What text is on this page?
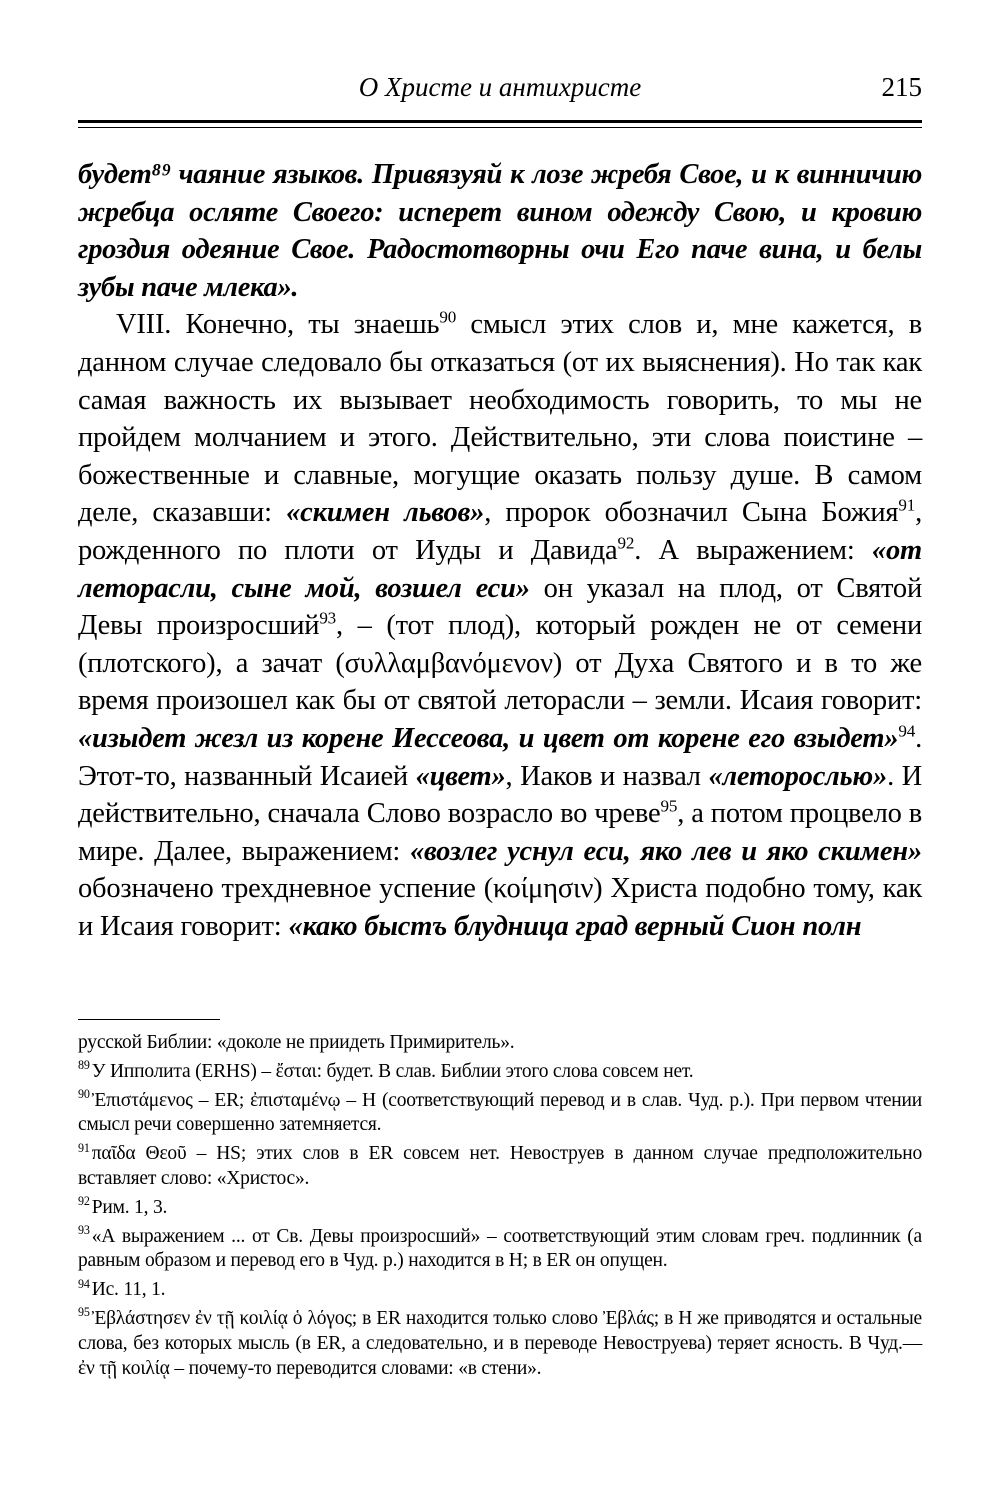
О Христе и антихристе	215

будет⁸⁹ чаяние языков. Привязуяй к лозе жребя Свое, и к винничию жребца осляте Своего: исперет вином одежду Свою, и кровию гроздия одеяние Свое. Радостотворны очи Его паче вина, и белы зубы паче млека».

VIII. Конечно, ты знаешь$^{90}$ смысл этих слов и, мне кажется, в данном случае следовало бы отказаться (от их выяснения). Но так как самая важность их вызывает необходимость говорить, то мы не пройдем молчанием и этого. Действительно, эти слова поистине – божественные и славные, могущие оказать пользу душе. В самом деле, сказавши: «скимен львов», пророк обозначил Сына Божия$^{91}$, рожденного по плоти от Иуды и Давида$^{92}$. А выражением: «от леторасли, сыне мой, возшел еси» он указал на плод, от Святой Девы произросший$^{93}$, – (тот плод), который рожден не от семени (плотского), а зачат (συλλαμβανόμενον) от Духа Святого и в то же время произошел как бы от святой леторасли – земли. Исаия говорит: «изыдет жезл из корене Иессеова, и цвет от корене его взыдет»$^{94}$. Этот-то, названный Исаией «цвет», Иаков и назвал «леторослью». И действительно, сначала Слово возрасло во чреве$^{95}$, а потом процвело в мире. Далее, выражением: «возлег уснул еси, яко лев и яко скимен» обозначено трехдневное успение (κοίμησιν) Христа подобно тому, как и Исаия говорит: «како быстъ блудница град верный Сион полн

русской Библии: «доколе не приидеть Примиритель».

$^{89}$ У Ипполита (ERHS) – ἔσται: будет. В слав. Библии этого слова совсем нет.

$^{90}$ Ἐπιστάμενος – ER; ἐπισταμένῳ – Н (соответствующий перевод и в слав. Чуд. р.). При первом чтении смысл речи совершенно затемняется.

$^{91}$ παῖδα Θεοῦ – HS; этих слов в ER совсем нет. Невоструев в данном случае предположительно вставляет слово: «Христос».

$^{92}$ Рим. 1, 3.

$^{93}$ «А выражением ... от Св. Девы произросший» – соответствующий этим словам греч. подлинник (а равным образом и перевод его в Чуд. р.) находится в Н; в ER он опущен.

$^{94}$ Ис. 11, 1.

$^{95}$ Ἐβλάστησεν ἐν τῇ κοιλίᾳ ὁ λόγος; в ER находится только слово Ἐβλάς; в Н же приводятся и остальные слова, без которых мысль (в ER, а следовательно, и в переводе Невоструева) теряет ясность. В Чуд.— ἐν τῇ κοιλίᾳ – почему-то переводится словами: «в стени».
